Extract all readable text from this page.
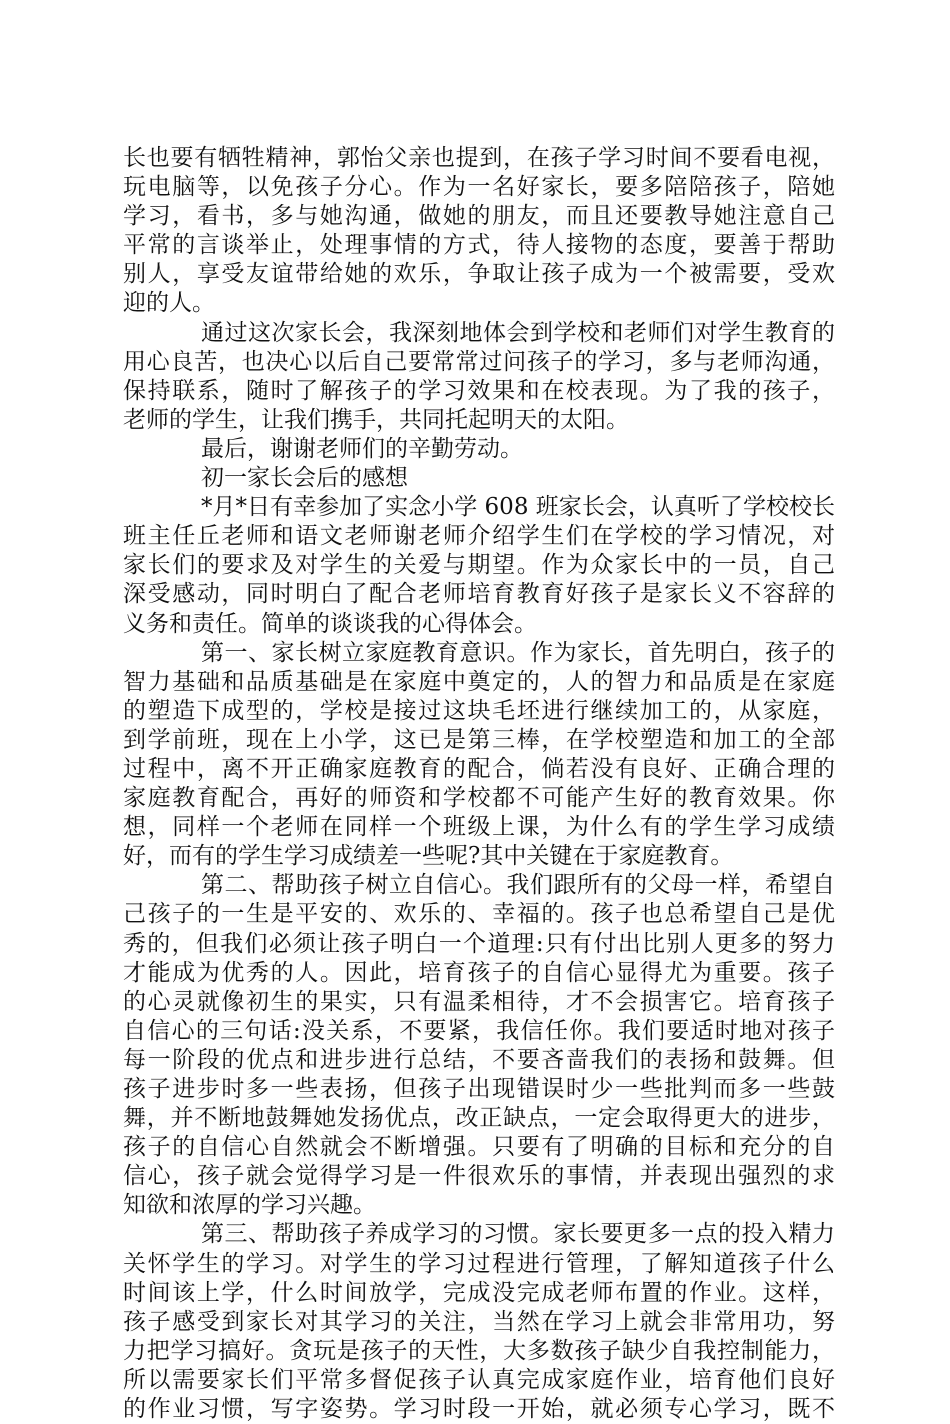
长也要有牺牲精神，郭怡父亲也提到，在孩子学习时间不要看电视，
玩电脑等，以免孩子分心。作为一名好家长，要多陪陪孩子，陪她
学习，看书，多与她沟通，做她的朋友，而且还要教导她注意自己
平常的言谈举止，处理事情的方式，待人接物的态度，要善于帮助
别人，享受友谊带给她的欢乐，争取让孩子成为一个被需要，受欢
迎的人。
通过这次家长会，我深刻地体会到学校和老师们对学生教育的
用心良苦，也决心以后自己要常常过问孩子的学习，多与老师沟通，
保持联系，随时了解孩子的学习效果和在校表现。为了我的孩子，
老师的学生，让我们携手，共同托起明天的太阳。
最后，谢谢老师们的辛勤劳动。
初一家长会后的感想
*月*日有幸参加了实念小学 608 班家长会，认真听了学校校长
班主任丘老师和语文老师谢老师介绍学生们在学校的学习情况，对
家长们的要求及对学生的关爱与期望。作为众家长中的一员，自己
深受感动，同时明白了配合老师培育教育好孩子是家长义不容辞的
义务和责任。简单的谈谈我的心得体会。
第一、家长树立家庭教育意识。作为家长，首先明白，孩子的
智力基础和品质基础是在家庭中奠定的，人的智力和品质是在家庭
的塑造下成型的，学校是接过这块毛坯进行继续加工的，从家庭，
到学前班，现在上小学，这已是第三棒，在学校塑造和加工的全部
过程中，离不开正确家庭教育的配合，倘若没有良好、正确合理的
家庭教育配合，再好的师资和学校都不可能产生好的教育效果。你
想，同样一个老师在同样一个班级上课，为什么有的学生学习成绩
好，而有的学生学习成绩差一些呢?其中关键在于家庭教育。
第二、帮助孩子树立自信心。我们跟所有的父母一样，希望自
己孩子的一生是平安的、欢乐的、幸福的。孩子也总希望自己是优
秀的，但我们必须让孩子明白一个道理:只有付出比别人更多的努力
才能成为优秀的人。因此，培育孩子的自信心显得尤为重要。孩子
的心灵就像初生的果实，只有温柔相待，才不会损害它。培育孩子
自信心的三句话:没关系，不要紧，我信任你。我们要适时地对孩子
每一阶段的优点和进步进行总结，不要吝啬我们的表扬和鼓舞。但
孩子进步时多一些表扬，但孩子出现错误时少一些批判而多一些鼓
舞，并不断地鼓舞她发扬优点，改正缺点，一定会取得更大的进步，
孩子的自信心自然就会不断增强。只要有了明确的目标和充分的自
信心，孩子就会觉得学习是一件很欢乐的事情，并表现出强烈的求
知欲和浓厚的学习兴趣。
第三、帮助孩子养成学习的习惯。家长要更多一点的投入精力
关怀学生的学习。对学生的学习过程进行管理，了解知道孩子什么
时间该上学，什么时间放学，完成没完成老师布置的作业。这样，
孩子感受到家长对其学习的关注，当然在学习上就会非常用功，努
力把学习搞好。贪玩是孩子的天性，大多数孩子缺少自我控制能力，
所以需要家长们平常多督促孩子认真完成家庭作业，培育他们良好
的作业习惯，写字姿势。学习时段一开始，就必须专心学习，既不
